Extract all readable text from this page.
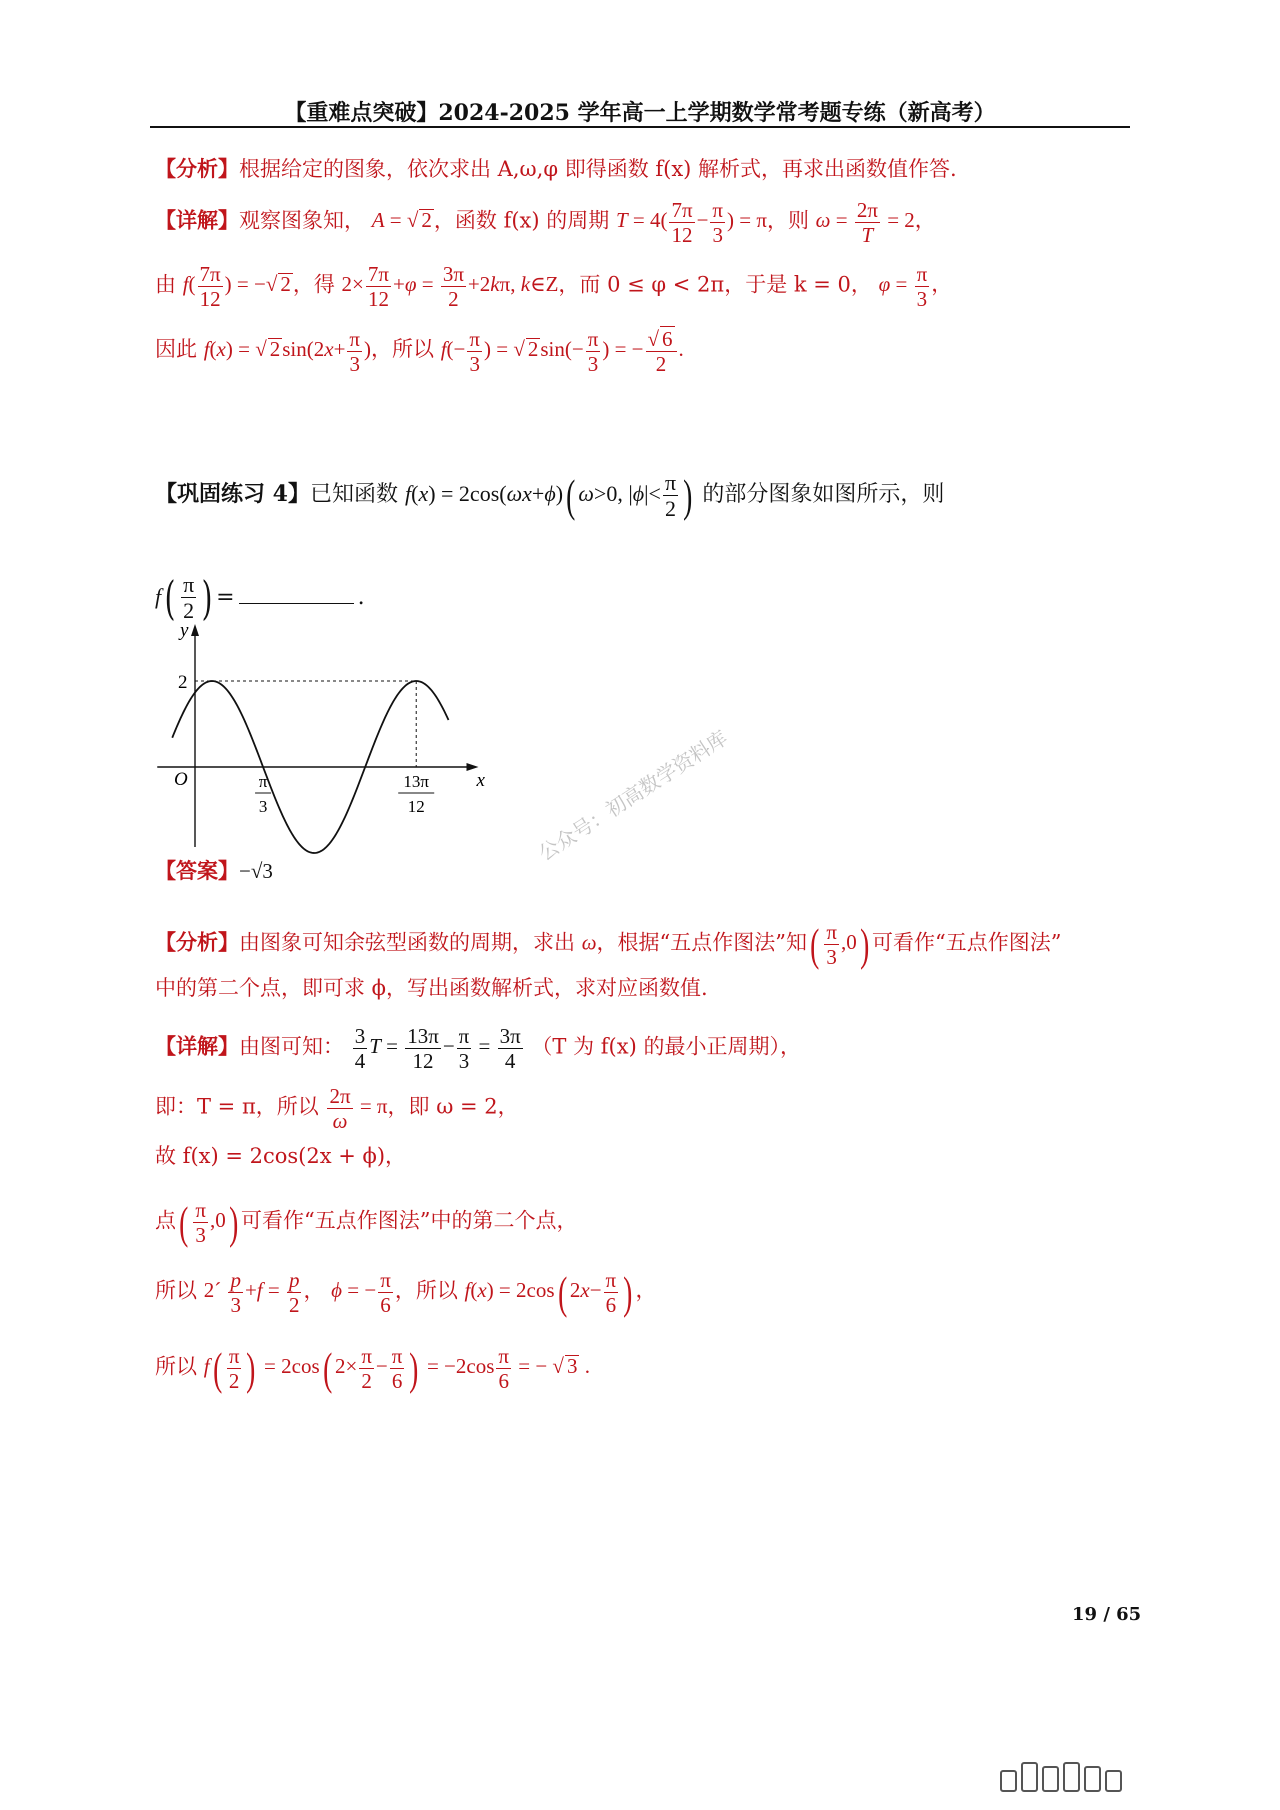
【重难点突破】2024-2025 学年高一上学期数学常考题专练（新高考）
【分析】根据给定的图象，依次求出 A,ω,φ 即得函数 f(x) 解析式，再求出函数值作答.
【详解】观察图象知， A = √ 2，函数 f(x) 的周期 $T = 4( \frac{7\pi}{12} - \frac{\pi}{3}$ ) = π，则 $\omega = \frac{2\pi}{T} = 2$，
由 $f( \frac{7\pi}{12}$ ) = −√ 2，得 $2\times \frac{7\pi}{12} +\varphi = \frac{3\pi}{2} +2k\pi$, k∈Z，而 0 ≤ φ < 2π，于是 k = 0， $\varphi = \frac{\pi}{3}$ ，
因此 f(x) = √ $2\sin(2x+ \frac{\pi}{3}$ )，所以 $f(- \frac{\pi}{3}$ ) = √ $2\sin(- \frac{\pi}{3}$ ) = − $\frac{√ 6}{2}$ .
【巩固练习 4】已知函数 f(x) = 2cos(ωx+ϕ)( ω>0, $|\phi|< \frac{\pi}{2}$ ) 的部分图象如图所示，则
$f( \frac{\pi}{2}$ ) =	.
y
x
O
2
π
3
13π
12
【答案】−√3
【分析】由图象可知余弦型函数的周期，求出 ω，根据“五点作图法”知( $\frac{\pi}{3} ,0$) 可看作“五点作图法”
中的第二个点，即可求 ϕ，写出函数解析式，求对应函数值.
【详解】由图可知： $\frac{3}{4}$ $T = \frac{13\pi}{12} - \frac{\pi}{3} = \frac{3\pi}{4} (T$ 为 f(x) 的最小正周期），
即：T = π，所以 $\frac{2\pi}{\omega} = \pi$，即 ω = 2，
故 f(x) = 2cos(2x + ϕ)，
点( $\frac{\pi}{3} ,0$) 可看作“五点作图法”中的第二个点，
所以 2´ $\frac{p}{3} +f = \frac{p}{2}$ ， ϕ = − $\frac{\pi}{6}$ ，所以 f(x) = 2cos( $2x- \frac{\pi}{6}$ ) ，
所以 $f( \frac{\pi}{2}$ ) = 2cos( $2\times \frac{\pi}{2} - \frac{\pi}{6}$ ) = $-2\cos \frac{\pi}{6}$ = − √ 3 .
公众号：初高数学资料库
19 / 65
